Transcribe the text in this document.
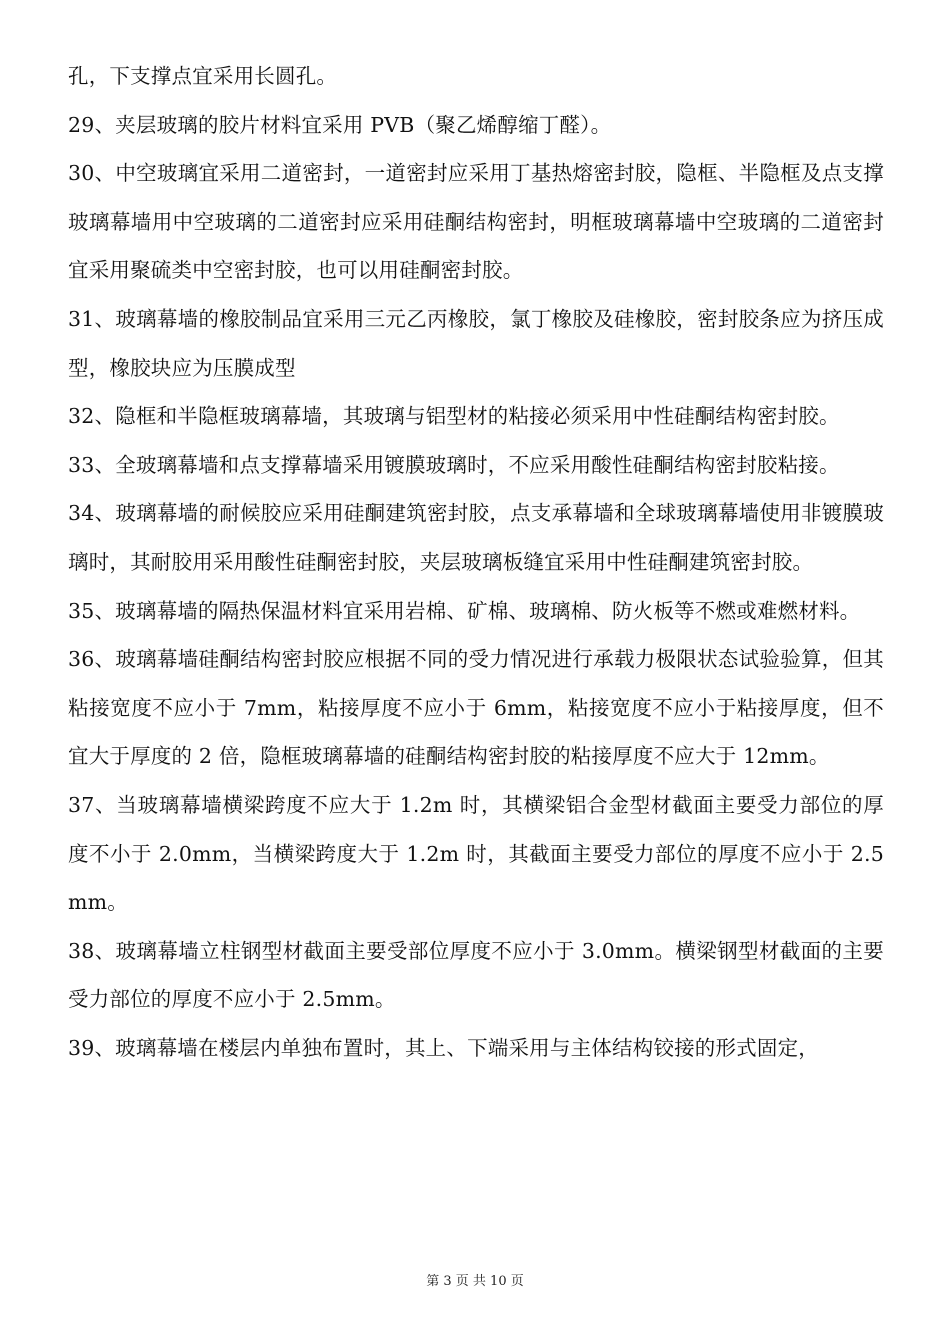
孔，下支撑点宜采用长圆孔。

29、夹层玻璃的胶片材料宜采用 PVB（聚乙烯醇缩丁醛）。

30、中空玻璃宜采用二道密封，一道密封应采用丁基热熔密封胶，隐框、半隐框及点支撑玻璃幕墙用中空玻璃的二道密封应采用硅酮结构密封，明框玻璃幕墙中空玻璃的二道密封宜采用聚硫类中空密封胶，也可以用硅酮密封胶。

31、玻璃幕墙的橡胶制品宜采用三元乙丙橡胶，氯丁橡胶及硅橡胶，密封胶条应为挤压成型，橡胶块应为压膜成型

32、隐框和半隐框玻璃幕墙，其玻璃与铝型材的粘接必须采用中性硅酮结构密封胶。

33、全玻璃幕墙和点支撑幕墙采用镀膜玻璃时，不应采用酸性硅酮结构密封胶粘接。

34、玻璃幕墙的耐候胶应采用硅酮建筑密封胶，点支承幕墙和全球玻璃幕墙使用非镀膜玻璃时，其耐胶用采用酸性硅酮密封胶，夹层玻璃板缝宜采用中性硅酮建筑密封胶。

35、玻璃幕墙的隔热保温材料宜采用岩棉、矿棉、玻璃棉、防火板等不燃或难燃材料。

36、玻璃幕墙硅酮结构密封胶应根据不同的受力情况进行承载力极限状态试验验算，但其粘接宽度不应小于 7mm，粘接厚度不应小于 6mm，粘接宽度不应小于粘接厚度，但不宜大于厚度的 2 倍，隐框玻璃幕墙的硅酮结构密封胶的粘接厚度不应大于 12mm。

37、当玻璃幕墙横梁跨度不应大于 1.2m 时，其横梁铝合金型材截面主要受力部位的厚度不小于 2.0mm，当横梁跨度大于 1.2m 时，其截面主要受力部位的厚度不应小于 2.5mm。

38、玻璃幕墙立柱钢型材截面主要受部位厚度不应小于 3.0mm。横梁钢型材截面的主要受力部位的厚度不应小于 2.5mm。

39、玻璃幕墙在楼层内单独布置时，其上、下端采用与主体结构铰接的形式固定，

第 3 页 共 10 页
